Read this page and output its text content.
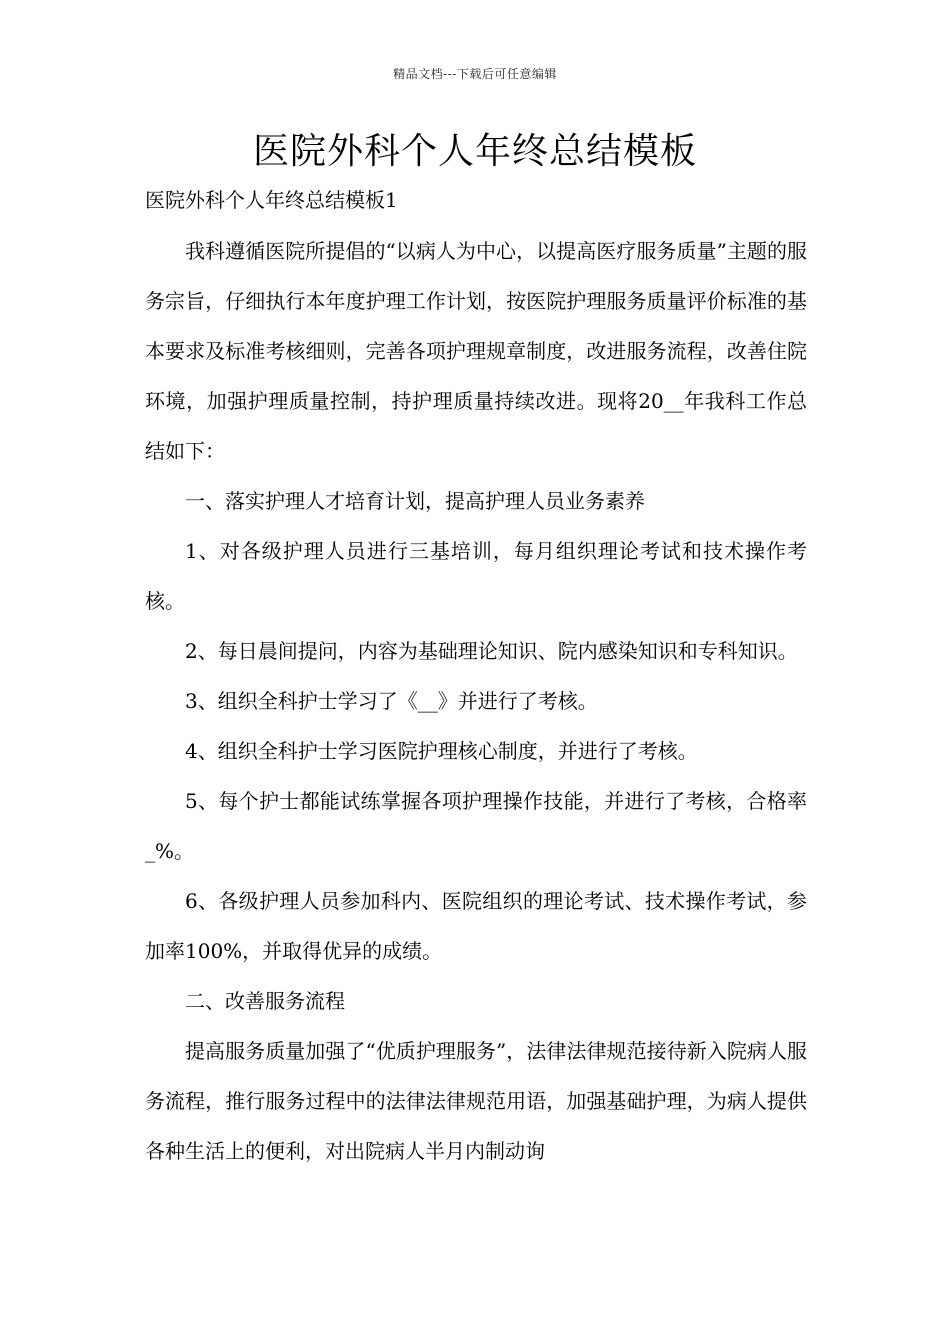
精品文档---下载后可任意编辑
医院外科个人年终总结模板

医院外科个人年终总结模板1

我科遵循医院所提倡的“以病人为中心，以提高医疗服务质量”主题的服务宗旨，仔细执行本年度护理工作计划，按医院护理服务质量评价标准的基本要求及标准考核细则，完善各项护理规章制度，改进服务流程，改善住院环境，加强护理质量控制，持护理质量持续改进。现将20__年我科工作总结如下：

一、落实护理人才培育计划，提高护理人员业务素养

1、对各级护理人员进行三基培训，每月组织理论考试和技术操作考核。

2、每日晨间提问，内容为基础理论知识、院内感染知识和专科知识。

3、组织全科护士学习了《__》并进行了考核。

4、组织全科护士学习医院护理核心制度，并进行了考核。

5、每个护士都能试练掌握各项护理操作技能，并进行了考核，合格率_%。

6、各级护理人员参加科内、医院组织的理论考试、技术操作考试，参加率100%，并取得优异的成绩。

二、改善服务流程

提高服务质量加强了“优质护理服务”，法律法律规范接待新入院病人服务流程，推行服务过程中的法律法律规范用语，加强基础护理，为病人提供各种生活上的便利，对出院病人半月内制动询
